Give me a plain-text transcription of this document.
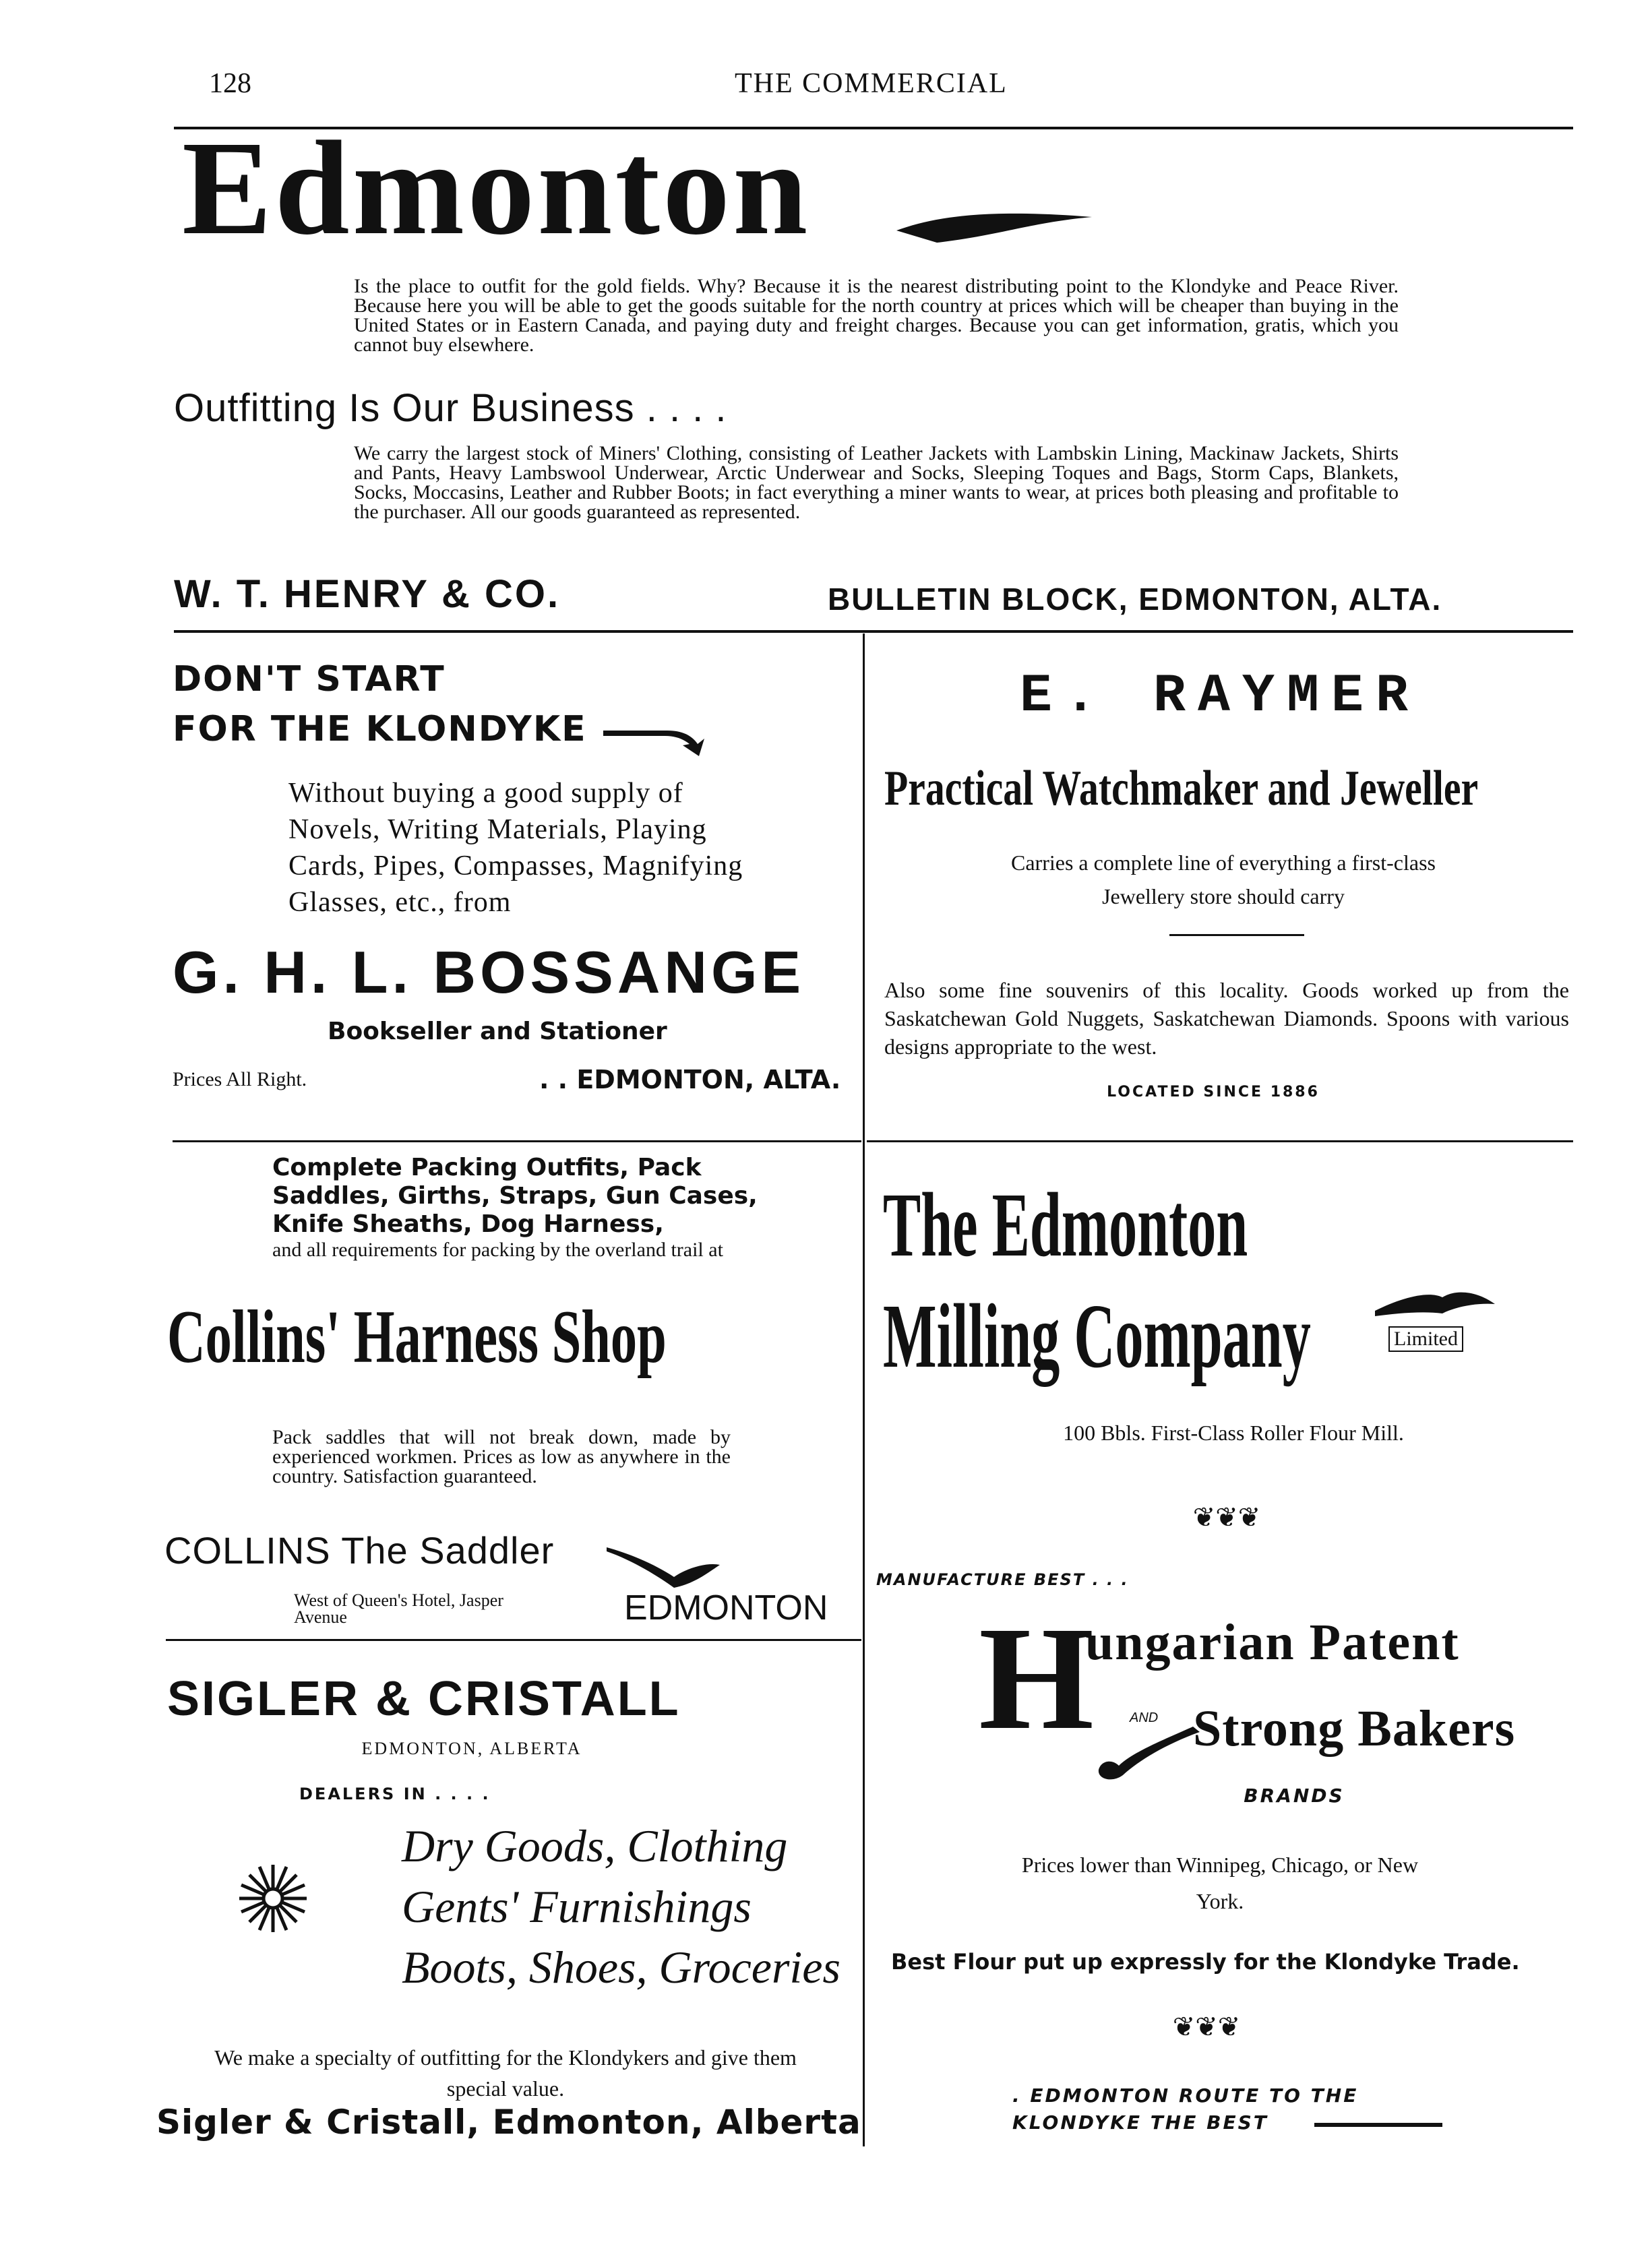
128	THE COMMERCIAL
Edmonton
Is the place to outfit for the gold fields. Why? Because it is the nearest distributing point to the Klondyke and Peace River. Because here you will be able to get the goods suitable for the north country at prices which will be cheaper than buying in the United States or in Eastern Canada, and paying duty and freight charges. Because you can get information, gratis, which you cannot buy elsewhere.
Outfitting Is Our Business . . . .
We carry the largest stock of Miners' Clothing, consisting of Leather Jackets with Lambskin Lining, Mackinaw Jackets, Shirts and Pants, Heavy Lambswool Underwear, Arctic Underwear and Socks, Sleeping Toques and Bags, Storm Caps, Blankets, Socks, Moccasins, Leather and Rubber Boots; in fact everything a miner wants to wear, at prices both pleasing and profitable to the purchaser. All our goods guaranteed as represented.
W. T. HENRY & CO.	BULLETIN BLOCK, EDMONTON, ALTA.
DON'T START
FOR THE KLONDYKE
Without buying a good supply of Novels, Writing Materials, Playing Cards, Pipes, Compasses, Magnifying Glasses, etc., from
G. H. L. BOSSANGE
Bookseller and Stationer
Prices All Right.	. . EDMONTON, ALTA.
E. RAYMER
Practical Watchmaker and Jeweller
Carries a complete line of everything a first-class Jewellery store should carry
Also some fine souvenirs of this locality. Goods worked up from the Saskatchewan Gold Nuggets, Saskatchewan Diamonds. Spoons with various designs appropriate to the west.
LOCATED SINCE 1886
Complete Packing Outfits, Pack Saddles, Girths, Straps, Gun Cases, Knife Sheaths, Dog Harness,
and all requirements for packing by the overland trail at
Collins' Harness Shop
Pack saddles that will not break down, made by experienced workmen. Prices as low as anywhere in the country. Satisfaction guaranteed.
COLLINS The Saddler
West of Queen's Hotel, Jasper Avenue	EDMONTON
SIGLER & CRISTALL
EDMONTON, ALBERTA
DEALERS IN . . . .
Dry Goods, Clothing
Gents' Furnishings
Boots, Shoes, Groceries
We make a specialty of outfitting for the Klondykers and give them special value.
Sigler & Cristall, Edmonton, Alberta
The Edmonton
Milling Company	Limited
100 Bbls. First-Class Roller Flour Mill.
❦❦❦
MANUFACTURE BEST . . .
H
ungarian Patent
AND Strong Bakers
BRANDS
Prices lower than Winnipeg, Chicago, or New York.
Best Flour put up expressly for the Klondyke Trade.
❦❦❦
. EDMONTON ROUTE TO THE KLONDYKE THE BEST
